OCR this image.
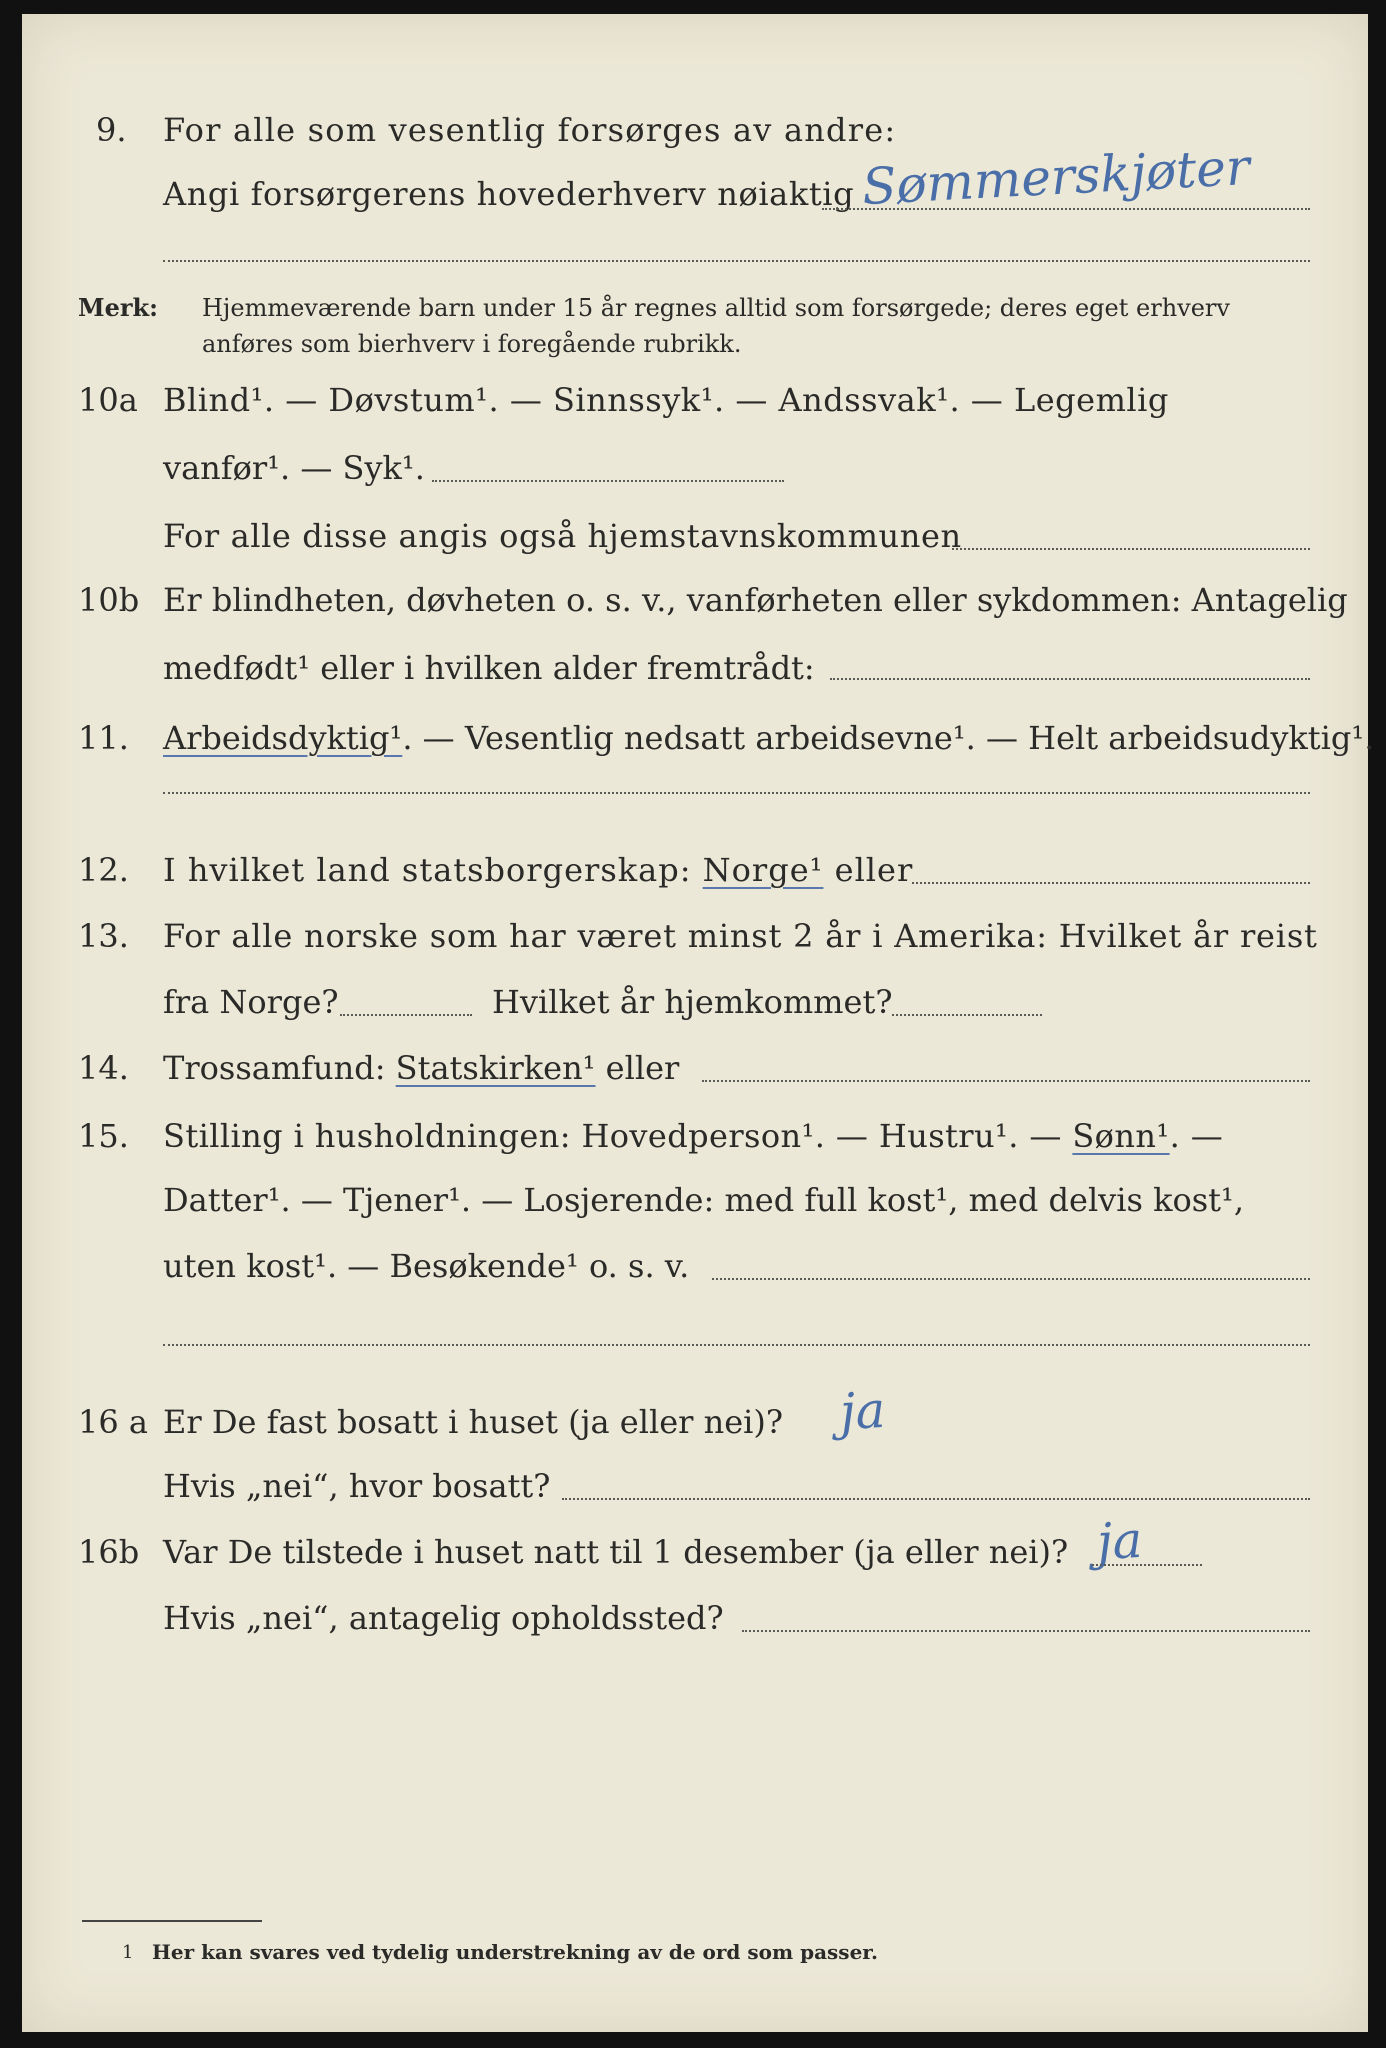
9. For alle som vesentlig forsørges av andre:
Angi forsørgerens hovederhverv nøiaktig Sømmerskjøter
Merk: Hjemmeværende barn under 15 år regnes alltid som forsørgede; deres eget erhverv
anføres som bierhverv i foregående rubrikk.
10a Blind¹. — Døvstum¹. — Sinnssyk¹. — Andssvak¹. — Legemlig
vanfør¹. — Syk¹.
For alle disse angis også hjemstavnskommunen
10b Er blindheten, døvheten o. s. v., vanførheten eller sykdommen: Antagelig
medfødt¹ eller i hvilken alder fremtrådt:
11. Arbeidsdyktig¹. — Vesentlig nedsatt arbeidsevne¹. — Helt arbeidsudyktig¹.
12. I hvilket land statsborgerskap: Norge¹ eller
13. For alle norske som har været minst 2 år i Amerika: Hvilket år reist
fra Norge?	Hvilket år hjemkommet?
14. Trossamfund: Statskirken¹ eller
15. Stilling i husholdningen: Hovedperson¹. — Hustru¹. — Sønn¹. —
Datter¹. — Tjener¹. — Losjerende: med full kost¹, med delvis kost¹,
uten kost¹. — Besøkende¹ o. s. v.
16 a Er De fast bosatt i huset (ja eller nei)? ja
Hvis „nei“, hvor bosatt?
16b Var De tilstede i huset natt til 1 desember (ja eller nei)? ja
Hvis „nei“, antagelig opholdssted?
1 Her kan svares ved tydelig understrekning av de ord som passer.
